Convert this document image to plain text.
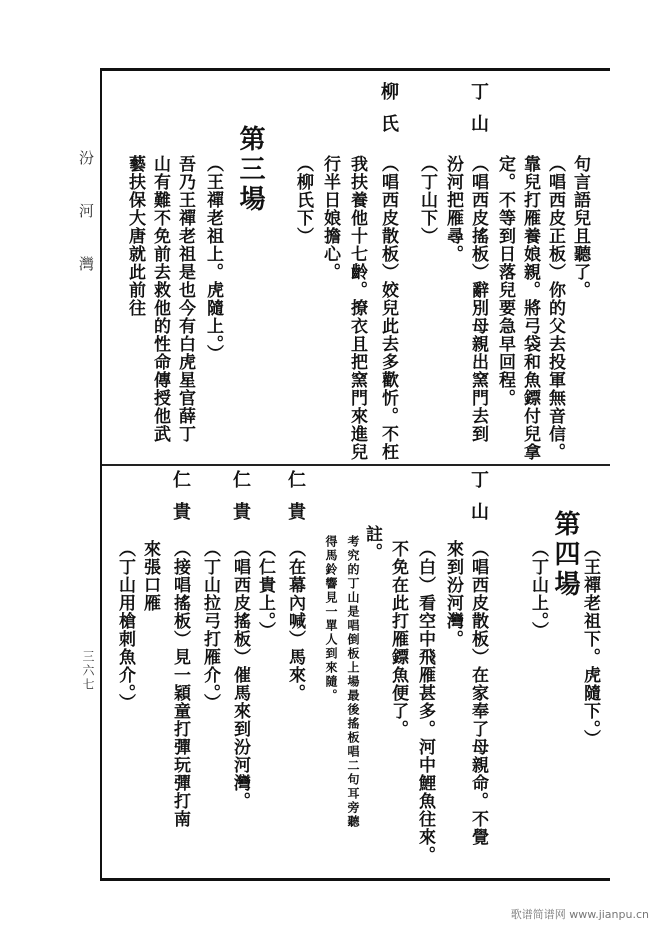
汾河灣
三六七
句言語兒且聽了。
（唱西皮正板）你的父去投軍無音信。
靠兒打雁養娘親。將弓袋和魚鏢付兒拿
定。不等到日落兒要急早回程。
丁山
（唱西皮搖板）辭別母親出窯門去到
汾河把雁尋。
（丁山下）
柳氏
（唱西皮散板）姣兒此去多歡忻。不枉
我扶養他十七齡。撩衣且把窯門來進兒
行半日娘擔心。
（柳氏下）
第三場
（王禪老祖上。虎隨上。）
吾乃王禪老祖是也今有白虎星官薛丁
山有難不免前去救他的性命傳授他武
藝扶保大唐就此前往
（王禪老祖下。虎隨下。）
第四場
（丁山上。）
丁山
（唱西皮散板）在家奉了母親命。不覺
來到汾河灣。
（白）看空中飛雁甚多。河中鯉魚往來。
不免在此打雁鏢魚便了。
註。
考究的丁山是唱倒板上場最後搖板唱二句耳旁聽
得馬鈴響見一單人到來隨。
仁貴
（在幕內喊）馬來。
（仁貴上。）
仁貴
（唱西皮搖板）催馬來到汾河灣。
（丁山拉弓打雁介。）
仁貴
（接唱搖板）見一穎童打彈玩彈打南
來張口雁
（丁山用槍刺魚介。）
歌谱简谱网 www.jianpu.cn
